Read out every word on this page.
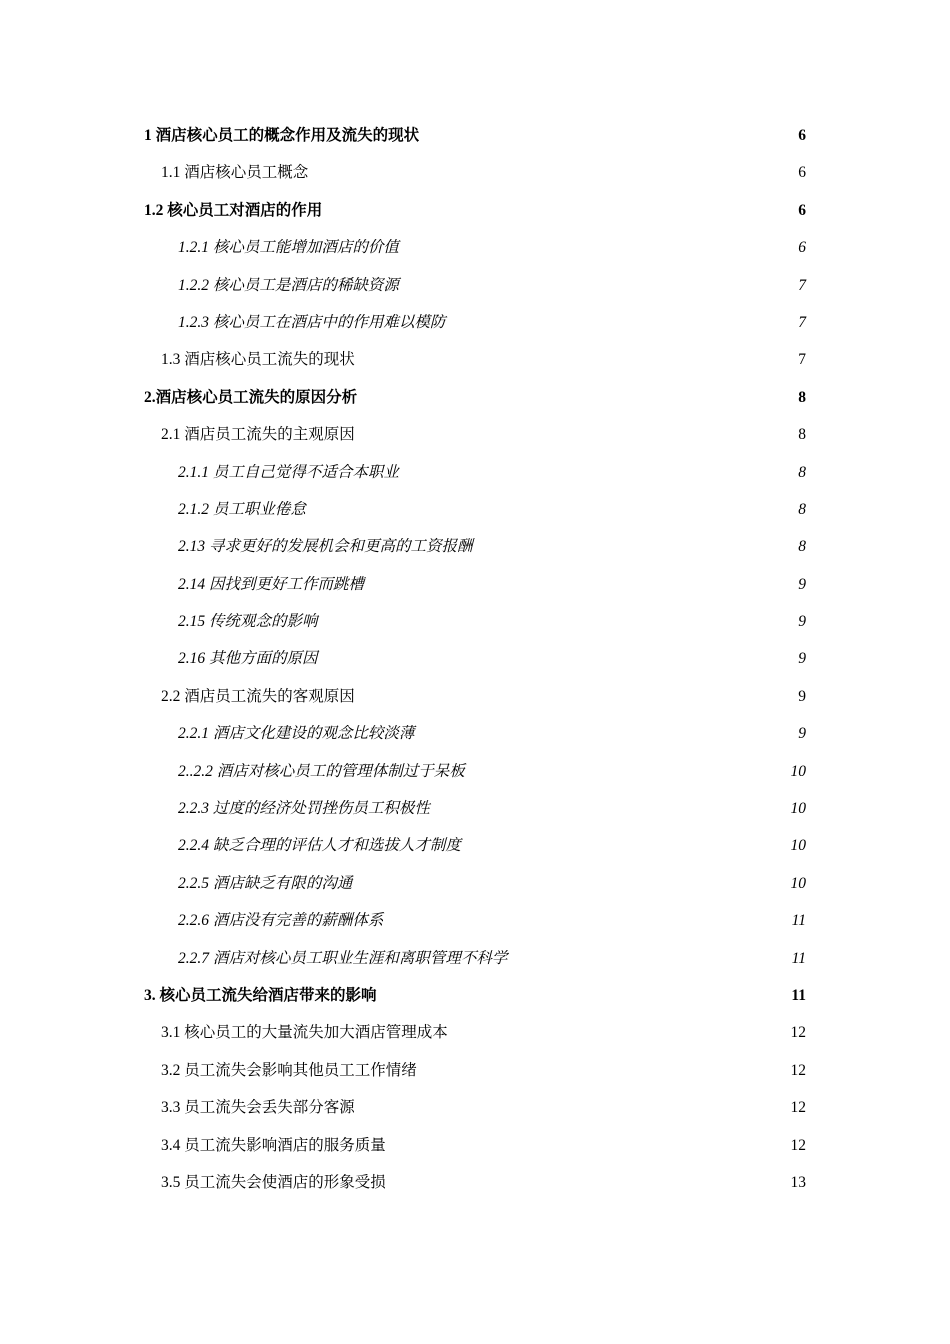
1 酒店核心员工的概念作用及流失的现状	6
1.1 酒店核心员工概念	6
1.2 核心员工对酒店的作用	6
1.2.1 核心员工能增加酒店的价值	6
1.2.2 核心员工是酒店的稀缺资源	7
1.2.3 核心员工在酒店中的作用难以模防	7
1.3 酒店核心员工流失的现状	7
2.酒店核心员工流失的原因分析	8
2.1 酒店员工流失的主观原因	8
2.1.1 员工自己觉得不适合本职业	8
2.1.2 员工职业倦怠	8
2.13 寻求更好的发展机会和更高的工资报酬	8
2.14 因找到更好工作而跳槽	9
2.15 传统观念的影响	9
2.16 其他方面的原因	9
2.2 酒店员工流失的客观原因	9
2.2.1 酒店文化建设的观念比较淡薄	9
2..2.2 酒店对核心员工的管理体制过于呆板	10
2.2.3 过度的经济处罚挫伤员工积极性	10
2.2.4 缺乏合理的评估人才和选拔人才制度	10
2.2.5 酒店缺乏有限的沟通	10
2.2.6 酒店没有完善的薪酬体系	11
2.2.7 酒店对核心员工职业生涯和离职管理不科学	11
3. 核心员工流失给酒店带来的影响	11
3.1 核心员工的大量流失加大酒店管理成本	12
3.2 员工流失会影响其他员工工作情绪	12
3.3 员工流失会丢失部分客源	12
3.4 员工流失影响酒店的服务质量	12
3.5 员工流失会使酒店的形象受损	13
